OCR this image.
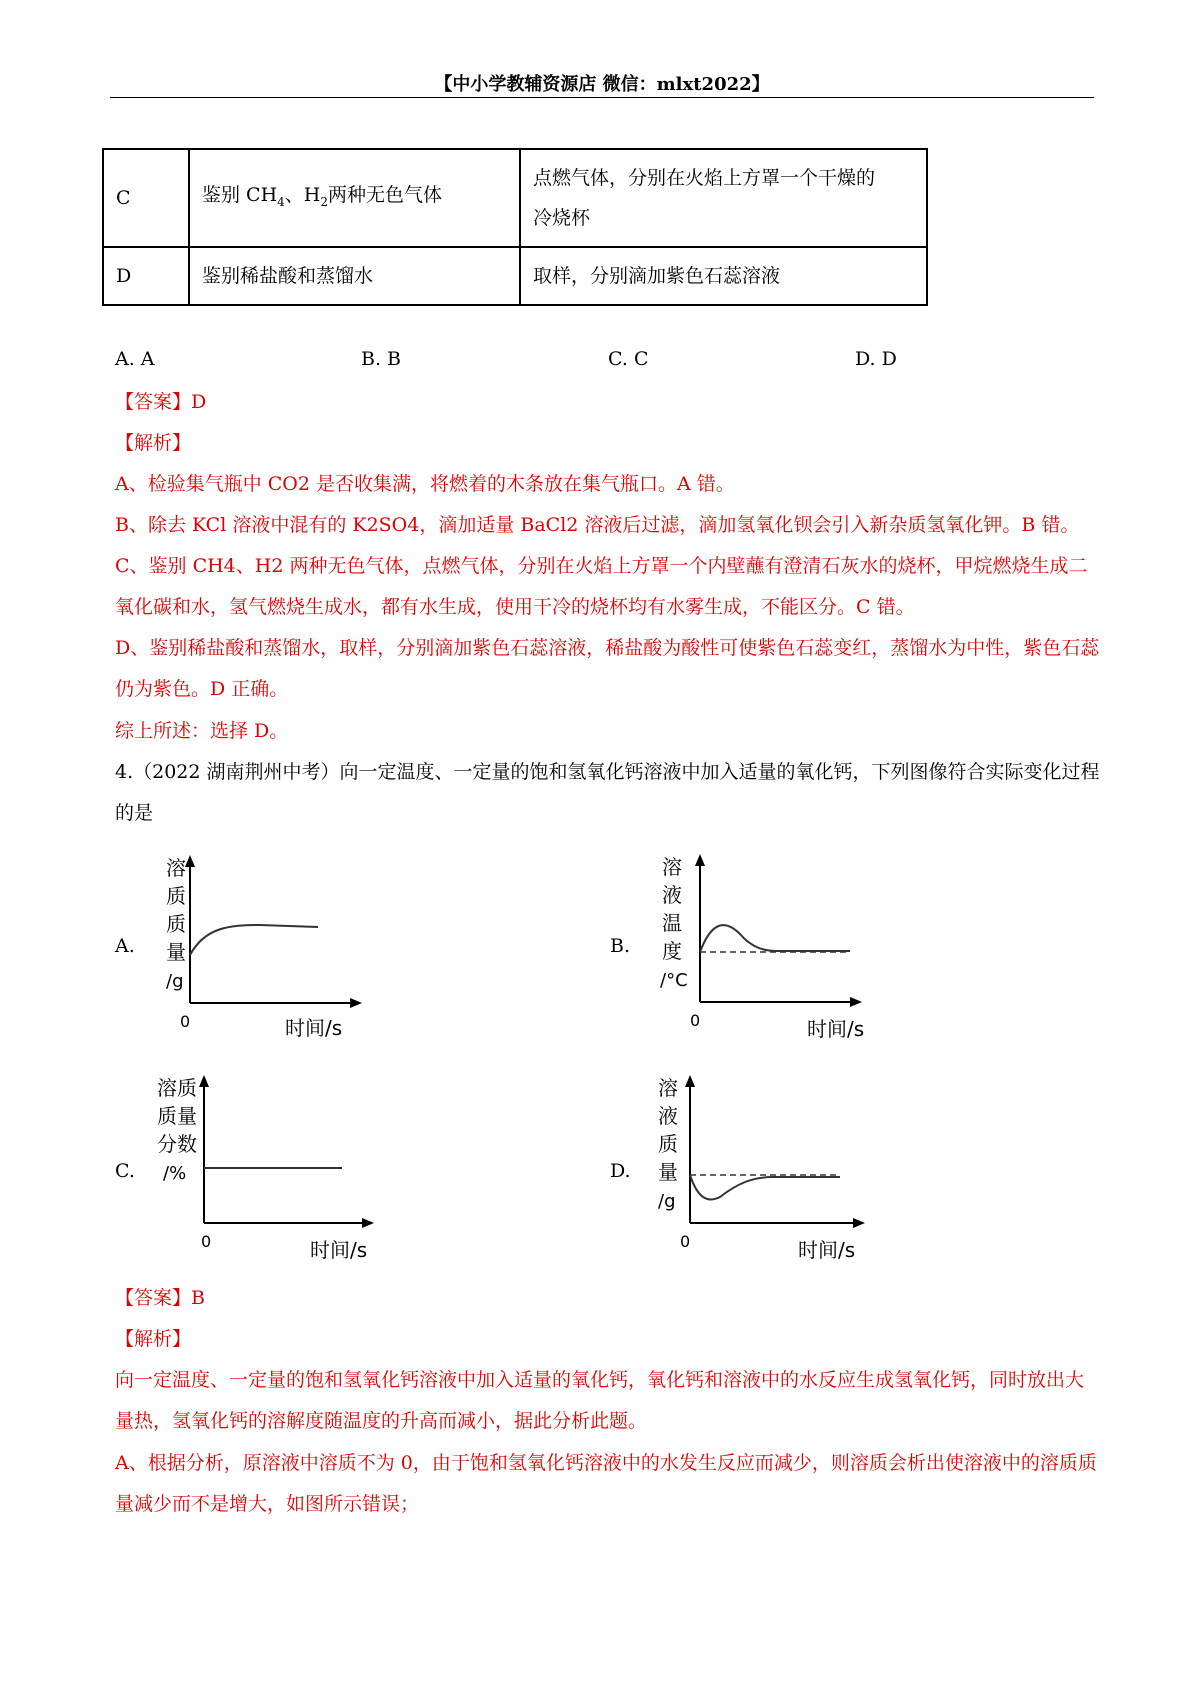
【中小学教辅资源店 微信：mlxt2022】
C	鉴别 $CH_4$、$H_2$两种无色气体	点燃气体，分别在火焰上方罩一个干燥的
冷烧杯

D	鉴别稀盐酸和蒸馏水	取样，分别滴加紫色石蕊溶液
A. A	B. B	C. C	D. D
【答案】D
【解析】
A、检验集气瓶中 CO2 是否收集满，将燃着的木条放在集气瓶口。A 错。
B、除去 KCl 溶液中混有的 K2SO4，滴加适量 BaCl2 溶液后过滤，滴加氢氧化钡会引入新杂质氢氧化钾。B 错。
C、鉴别 CH4、H2 两种无色气体，点燃气体，分别在火焰上方罩一个内壁蘸有澄清石灰水的烧杯，甲烷燃烧生成二氧化碳和水，氢气燃烧生成水，都有水生成，使用干冷的烧杯均有水雾生成，不能区分。C 错。
D、鉴别稀盐酸和蒸馏水，取样，分别滴加紫色石蕊溶液，稀盐酸为酸性可使紫色石蕊变红，蒸馏水为中性，紫色石蕊仍为紫色。D 正确。
综上所述：选择 D。
4.（2022 湖南荆州中考）向一定温度、一定量的饱和氢氧化钙溶液中加入适量的氧化钙，下列图像符合实际变化过程的是
A.
溶
质
质
量
/g
0	时间/s
B.
溶
液
温
度
/°C
0	时间/s
C.
溶质
质量
分数
/%
0	时间/s
D.
溶
液
质
量
/g
0	时间/s
【答案】B
【解析】
向一定温度、一定量的饱和氢氧化钙溶液中加入适量的氧化钙，氧化钙和溶液中的水反应生成氢氧化钙，同时放出大量热，氢氧化钙的溶解度随温度的升高而减小，据此分析此题。
A、根据分析，原溶液中溶质不为 0，由于饱和氢氧化钙溶液中的水发生反应而减少，则溶质会析出使溶液中的溶质质量减少而不是增大，如图所示错误；
